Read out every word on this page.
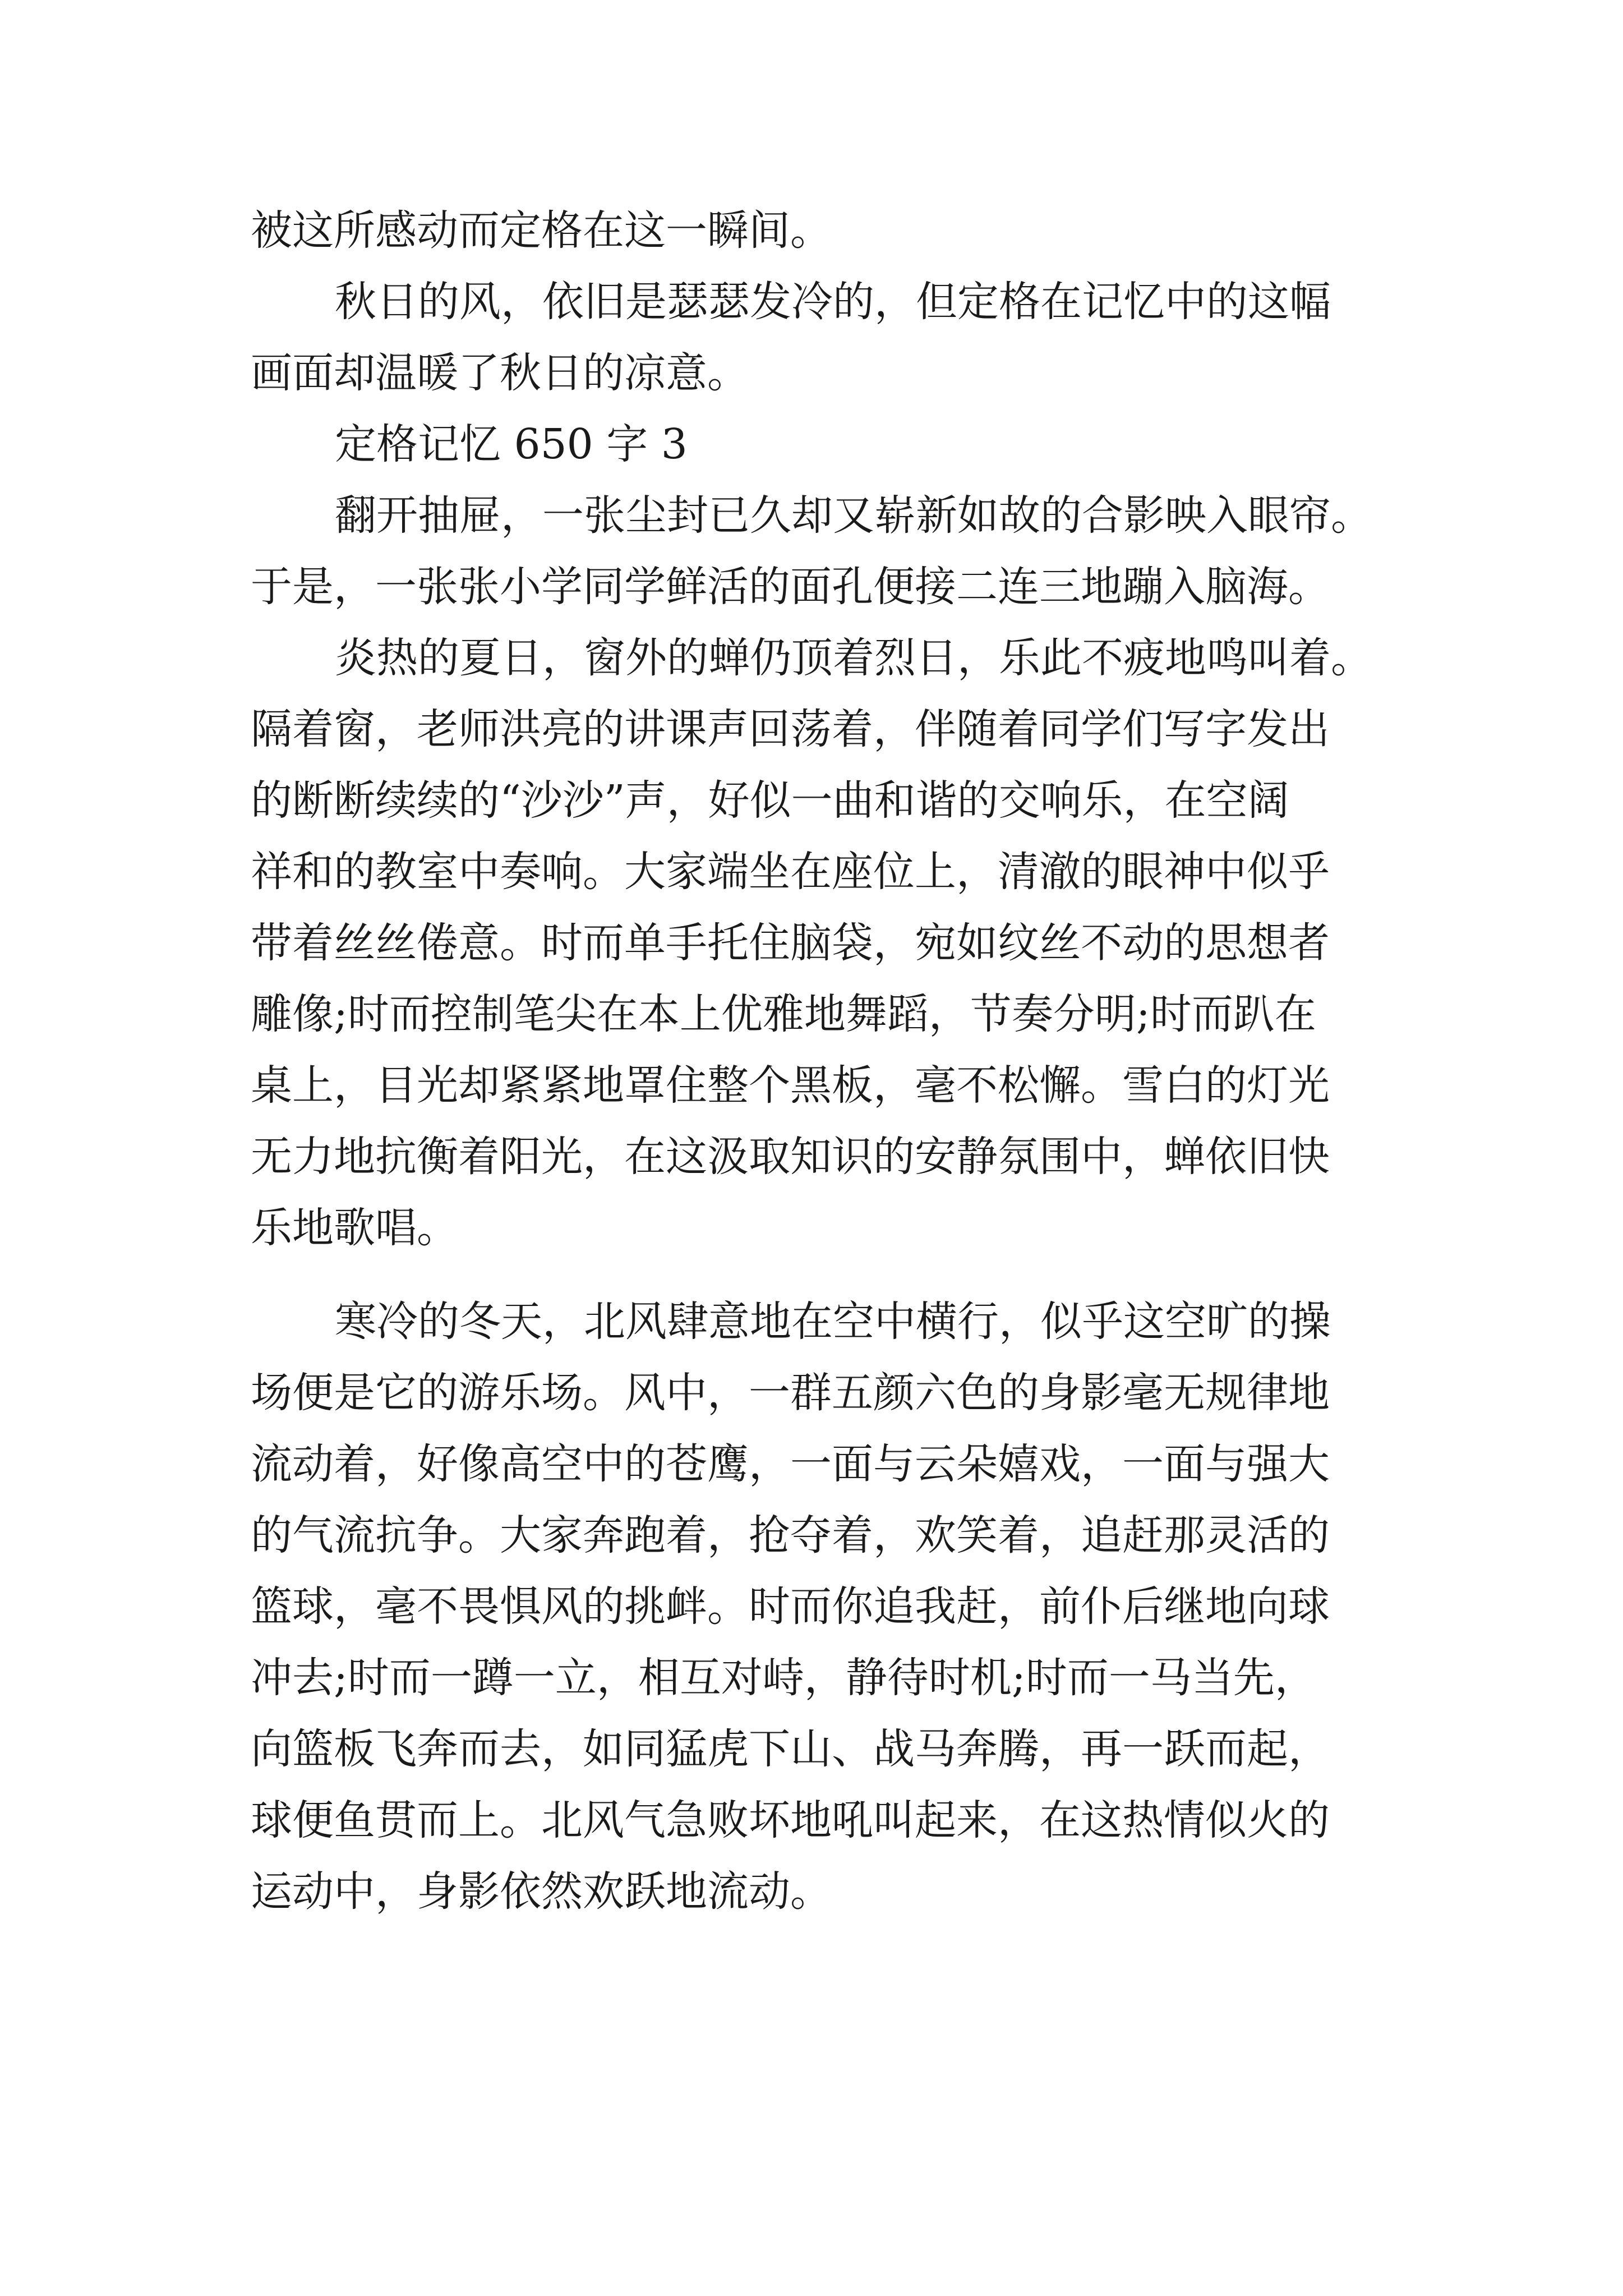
被这所感动而定格在这一瞬间。

秋日的风，依旧是瑟瑟发冷的，但定格在记忆中的这幅

画面却温暖了秋日的凉意。

定格记忆 650 字 3

翻开抽屉，一张尘封已久却又崭新如故的合影映入眼帘。

于是，一张张小学同学鲜活的面孔便接二连三地蹦入脑海。

炎热的夏日，窗外的蝉仍顶着烈日，乐此不疲地鸣叫着。

隔着窗，老师洪亮的讲课声回荡着，伴随着同学们写字发出

的断断续续的“沙沙”声，好似一曲和谐的交响乐，在空阔

祥和的教室中奏响。大家端坐在座位上，清澈的眼神中似乎

带着丝丝倦意。时而单手托住脑袋，宛如纹丝不动的思想者

雕像;时而控制笔尖在本上优雅地舞蹈，节奏分明;时而趴在

桌上，目光却紧紧地罩住整个黑板，毫不松懈。雪白的灯光

无力地抗衡着阳光，在这汲取知识的安静氛围中，蝉依旧快

乐地歌唱。

寒冷的冬天，北风肆意地在空中横行，似乎这空旷的操

场便是它的游乐场。风中，一群五颜六色的身影毫无规律地

流动着，好像高空中的苍鹰，一面与云朵嬉戏，一面与强大

的气流抗争。大家奔跑着，抢夺着，欢笑着，追赶那灵活的

篮球，毫不畏惧风的挑衅。时而你追我赶，前仆后继地向球

冲去;时而一蹲一立，相互对峙，静待时机;时而一马当先，

向篮板飞奔而去，如同猛虎下山、战马奔腾，再一跃而起，

球便鱼贯而上。北风气急败坏地吼叫起来，在这热情似火的

运动中，身影依然欢跃地流动。
